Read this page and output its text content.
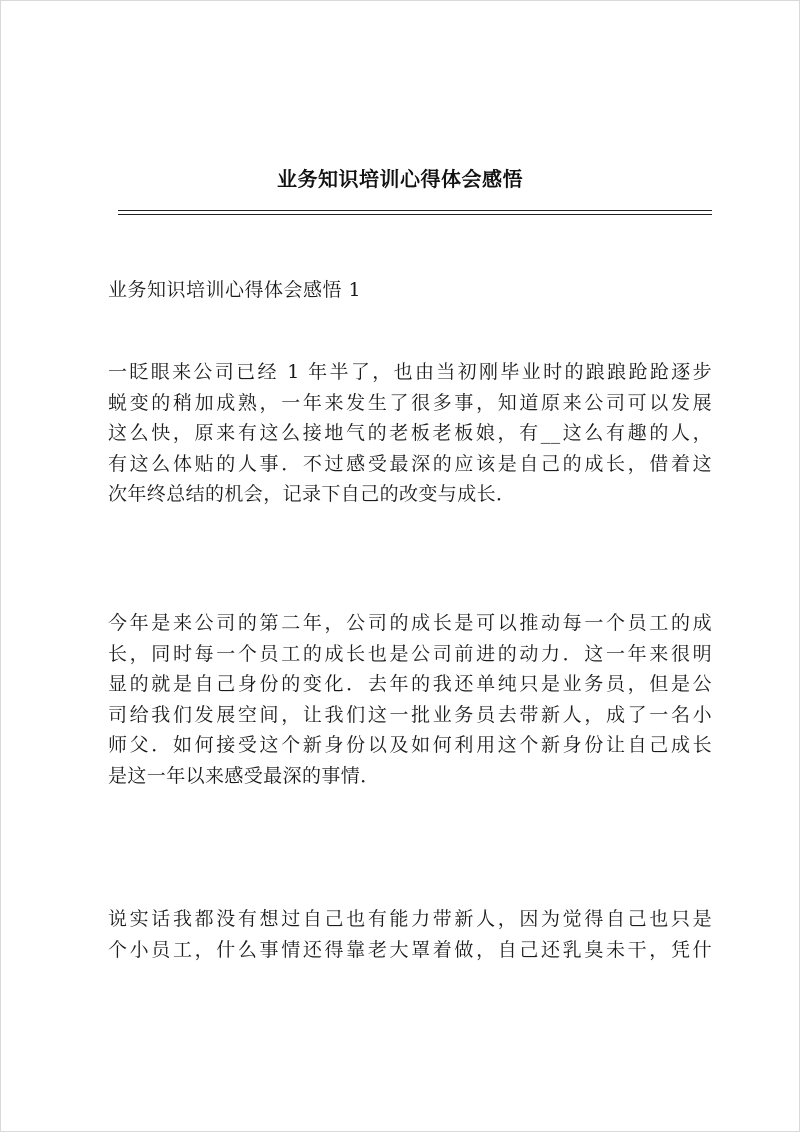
业务知识培训心得体会感悟
业务知识培训心得体会感悟 1
一眨眼来公司已经 1 年半了，也由当初刚毕业时的踉踉跄跄逐步
蜕变的稍加成熟，一年来发生了很多事，知道原来公司可以发展
这么快，原来有这么接地气的老板老板娘，有__这么有趣的人，
有这么体贴的人事．不过感受最深的应该是自己的成长，借着这
次年终总结的机会，记录下自己的改变与成长．
今年是来公司的第二年，公司的成长是可以推动每一个员工的成
长，同时每一个员工的成长也是公司前进的动力．这一年来很明
显的就是自己身份的变化．去年的我还单纯只是业务员，但是公
司给我们发展空间，让我们这一批业务员去带新人，成了一名小
师父．如何接受这个新身份以及如何利用这个新身份让自己成长
是这一年以来感受最深的事情．
说实话我都没有想过自己也有能力带新人，因为觉得自己也只是
个小员工，什么事情还得靠老大罩着做，自己还乳臭未干，凭什
